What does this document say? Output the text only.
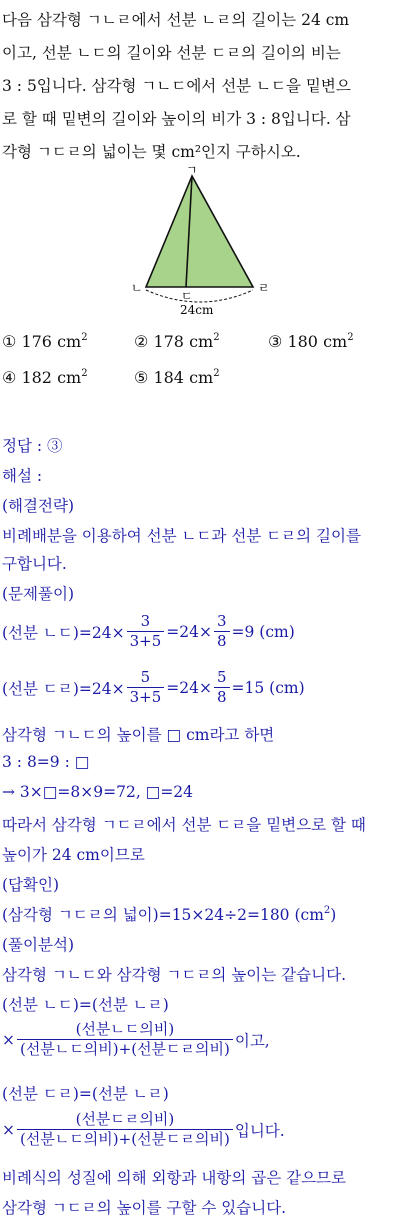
다음 삼각형 ㄱㄴㄹ에서 선분 ㄴㄹ의 길이는 24 cm
이고, 선분 ㄴㄷ의 길이와 선분 ㄷㄹ의 길이의 비는
3 : 5입니다. 삼각형 ㄱㄴㄷ에서 선분 ㄴㄷ을 밑변으
로 할 때 밑변의 길이와 높이의 비가 3 : 8입니다. 삼
각형 ㄱㄷㄹ의 넓이는 몇 cm²인지 구하시오.
ㄱ
ㄴ
ㄷ
ㄹ
24cm
① 176 $cm^2$	② 178 $cm^2$	③ 180 $cm^2$
④ 182 $cm^2$	⑤ 184 $cm^2$
정답 : ③
해설 :
(해결전략)
비례배분을 이용하여 선분 ㄴㄷ과 선분 ㄷㄹ의 길이를
구합니다.
(문제풀이)
(선분 ㄴㄷ)$=24\times \frac{3}{3+5} =24\times \frac{3}{8} =9$ (cm)
(선분 ㄷㄹ)$=24\times \frac{5}{3+5} =24\times \frac{5}{8} =15$ (cm)
삼각형 ㄱㄴㄷ의 높이를 □ cm라고 하면
3 : 8=9 : □
→ 3×□=8×9=72, □=24
따라서 삼각형 ㄱㄷㄹ에서 선분 ㄷㄹ을 밑변으로 할 때
높이가 24 cm이므로
(답확인)
(삼각형 ㄱㄷㄹ의 넓이)=15×24÷2=180 $(cm^2)$
(풀이분석)
삼각형 ㄱㄴㄷ와 삼각형 ㄱㄷㄹ의 높이는 같습니다.
(선분 ㄴㄷ)=(선분 ㄴㄹ)
× $\frac{\text{(선분ㄴㄷ의비)}}{\text{(선분ㄴㄷ의비)+(선분ㄷㄹ의비)}}$ 이고,
(선분 ㄷㄹ)=(선분 ㄴㄹ)
× $\frac{\text{(선분ㄷㄹ의비)}}{\text{(선분ㄴㄷ의비)+(선분ㄷㄹ의비)}}$ 입니다.
비례식의 성질에 의해 외항과 내항의 곱은 같으므로
삼각형 ㄱㄷㄹ의 높이를 구할 수 있습니다.
